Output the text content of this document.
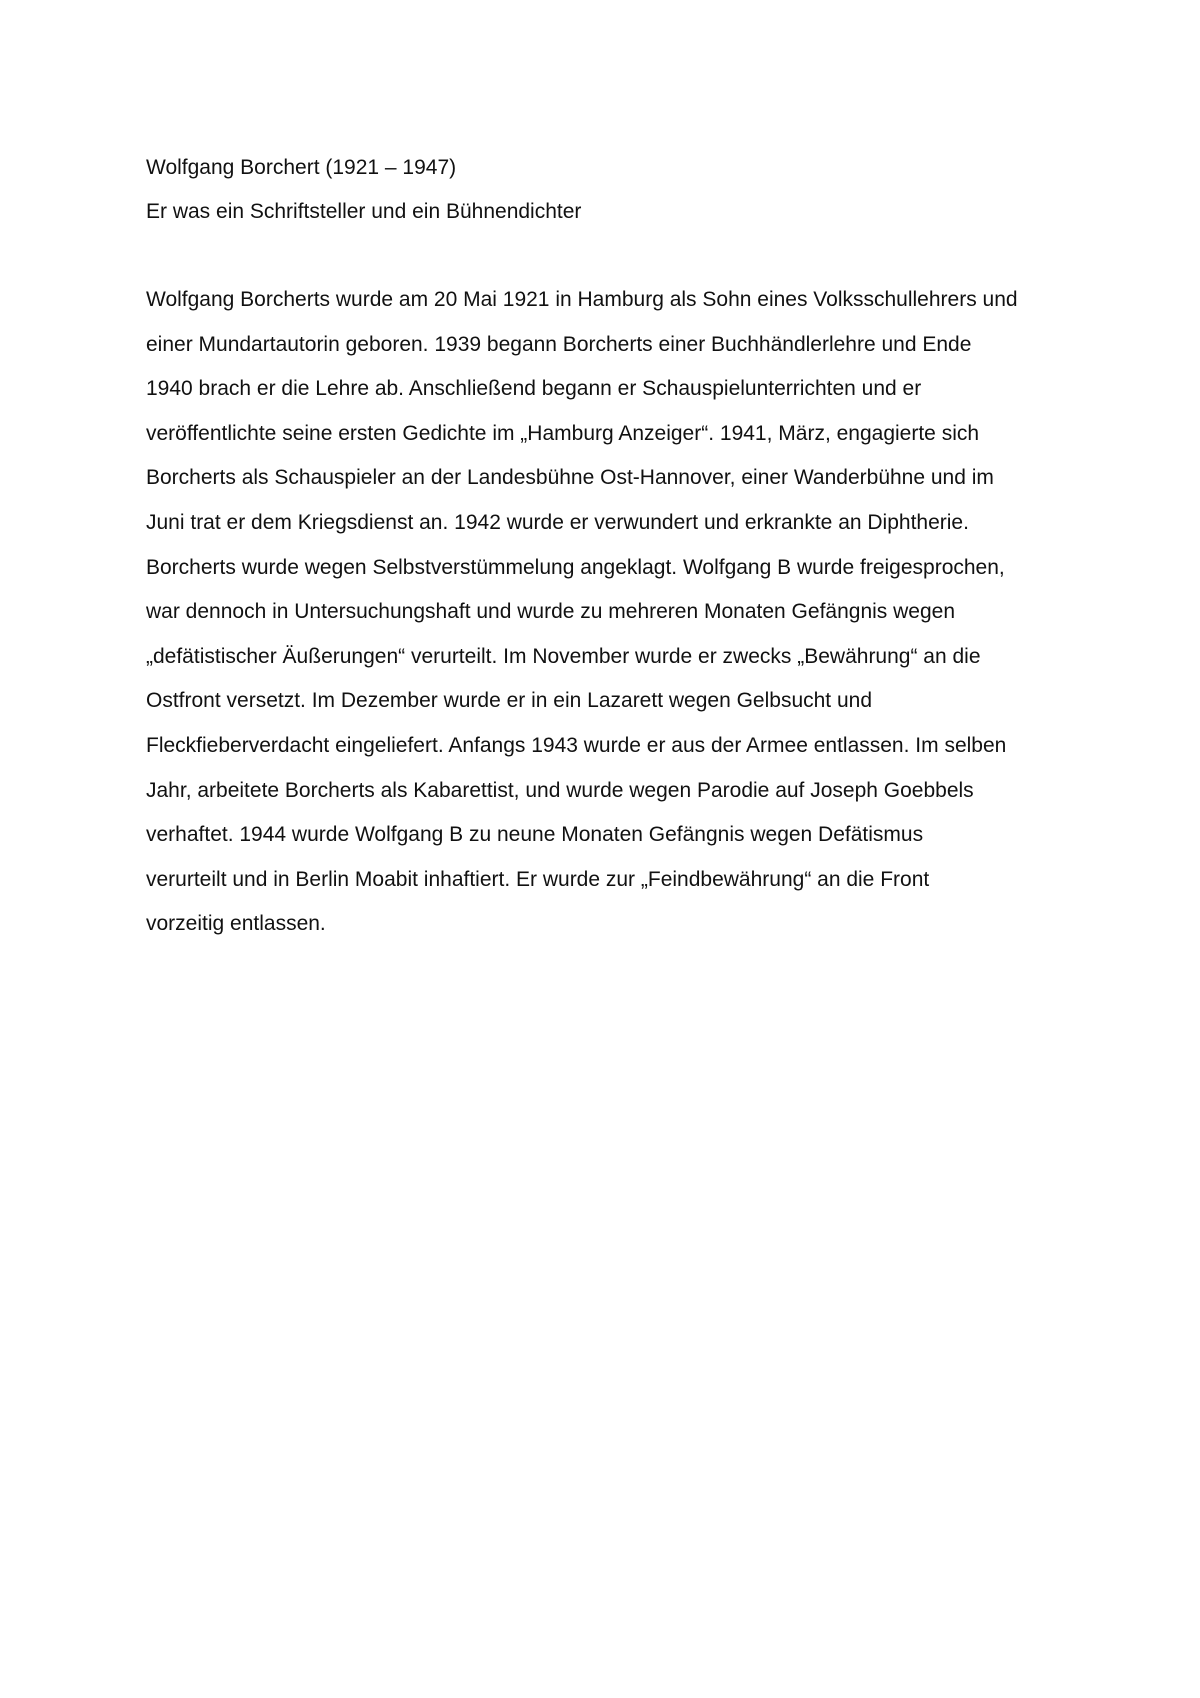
Wolfgang Borchert (1921 – 1947)
Er was ein Schriftsteller und ein Bühnendichter
Wolfgang Borcherts wurde am 20 Mai 1921 in Hamburg als Sohn eines Volksschullehrers und
einer Mundartautorin geboren. 1939 begann Borcherts einer Buchhändlerlehre und Ende
1940 brach er die Lehre ab. Anschließend begann er Schauspielunterrichten und er
veröffentlichte seine ersten Gedichte im „Hamburg Anzeiger“. 1941, März, engagierte sich
Borcherts als Schauspieler an der Landesbühne Ost-Hannover, einer Wanderbühne und im
Juni trat er dem Kriegsdienst an. 1942 wurde er verwundert und erkrankte an Diphtherie.
Borcherts wurde wegen Selbstverstümmelung angeklagt. Wolfgang B wurde freigesprochen,
war dennoch in Untersuchungshaft und wurde zu mehreren Monaten Gefängnis wegen
„defätistischer Äußerungen“ verurteilt. Im November wurde er zwecks „Bewährung“ an die
Ostfront versetzt. Im Dezember wurde er in ein Lazarett wegen Gelbsucht und
Fleckfieberverdacht eingeliefert. Anfangs 1943 wurde er aus der Armee entlassen. Im selben
Jahr, arbeitete Borcherts als Kabarettist, und wurde wegen Parodie auf Joseph Goebbels
verhaftet. 1944 wurde Wolfgang B zu neune Monaten Gefängnis wegen Defätismus
verurteilt und in Berlin Moabit inhaftiert. Er wurde zur „Feindbewährung“ an die Front
vorzeitig entlassen.
